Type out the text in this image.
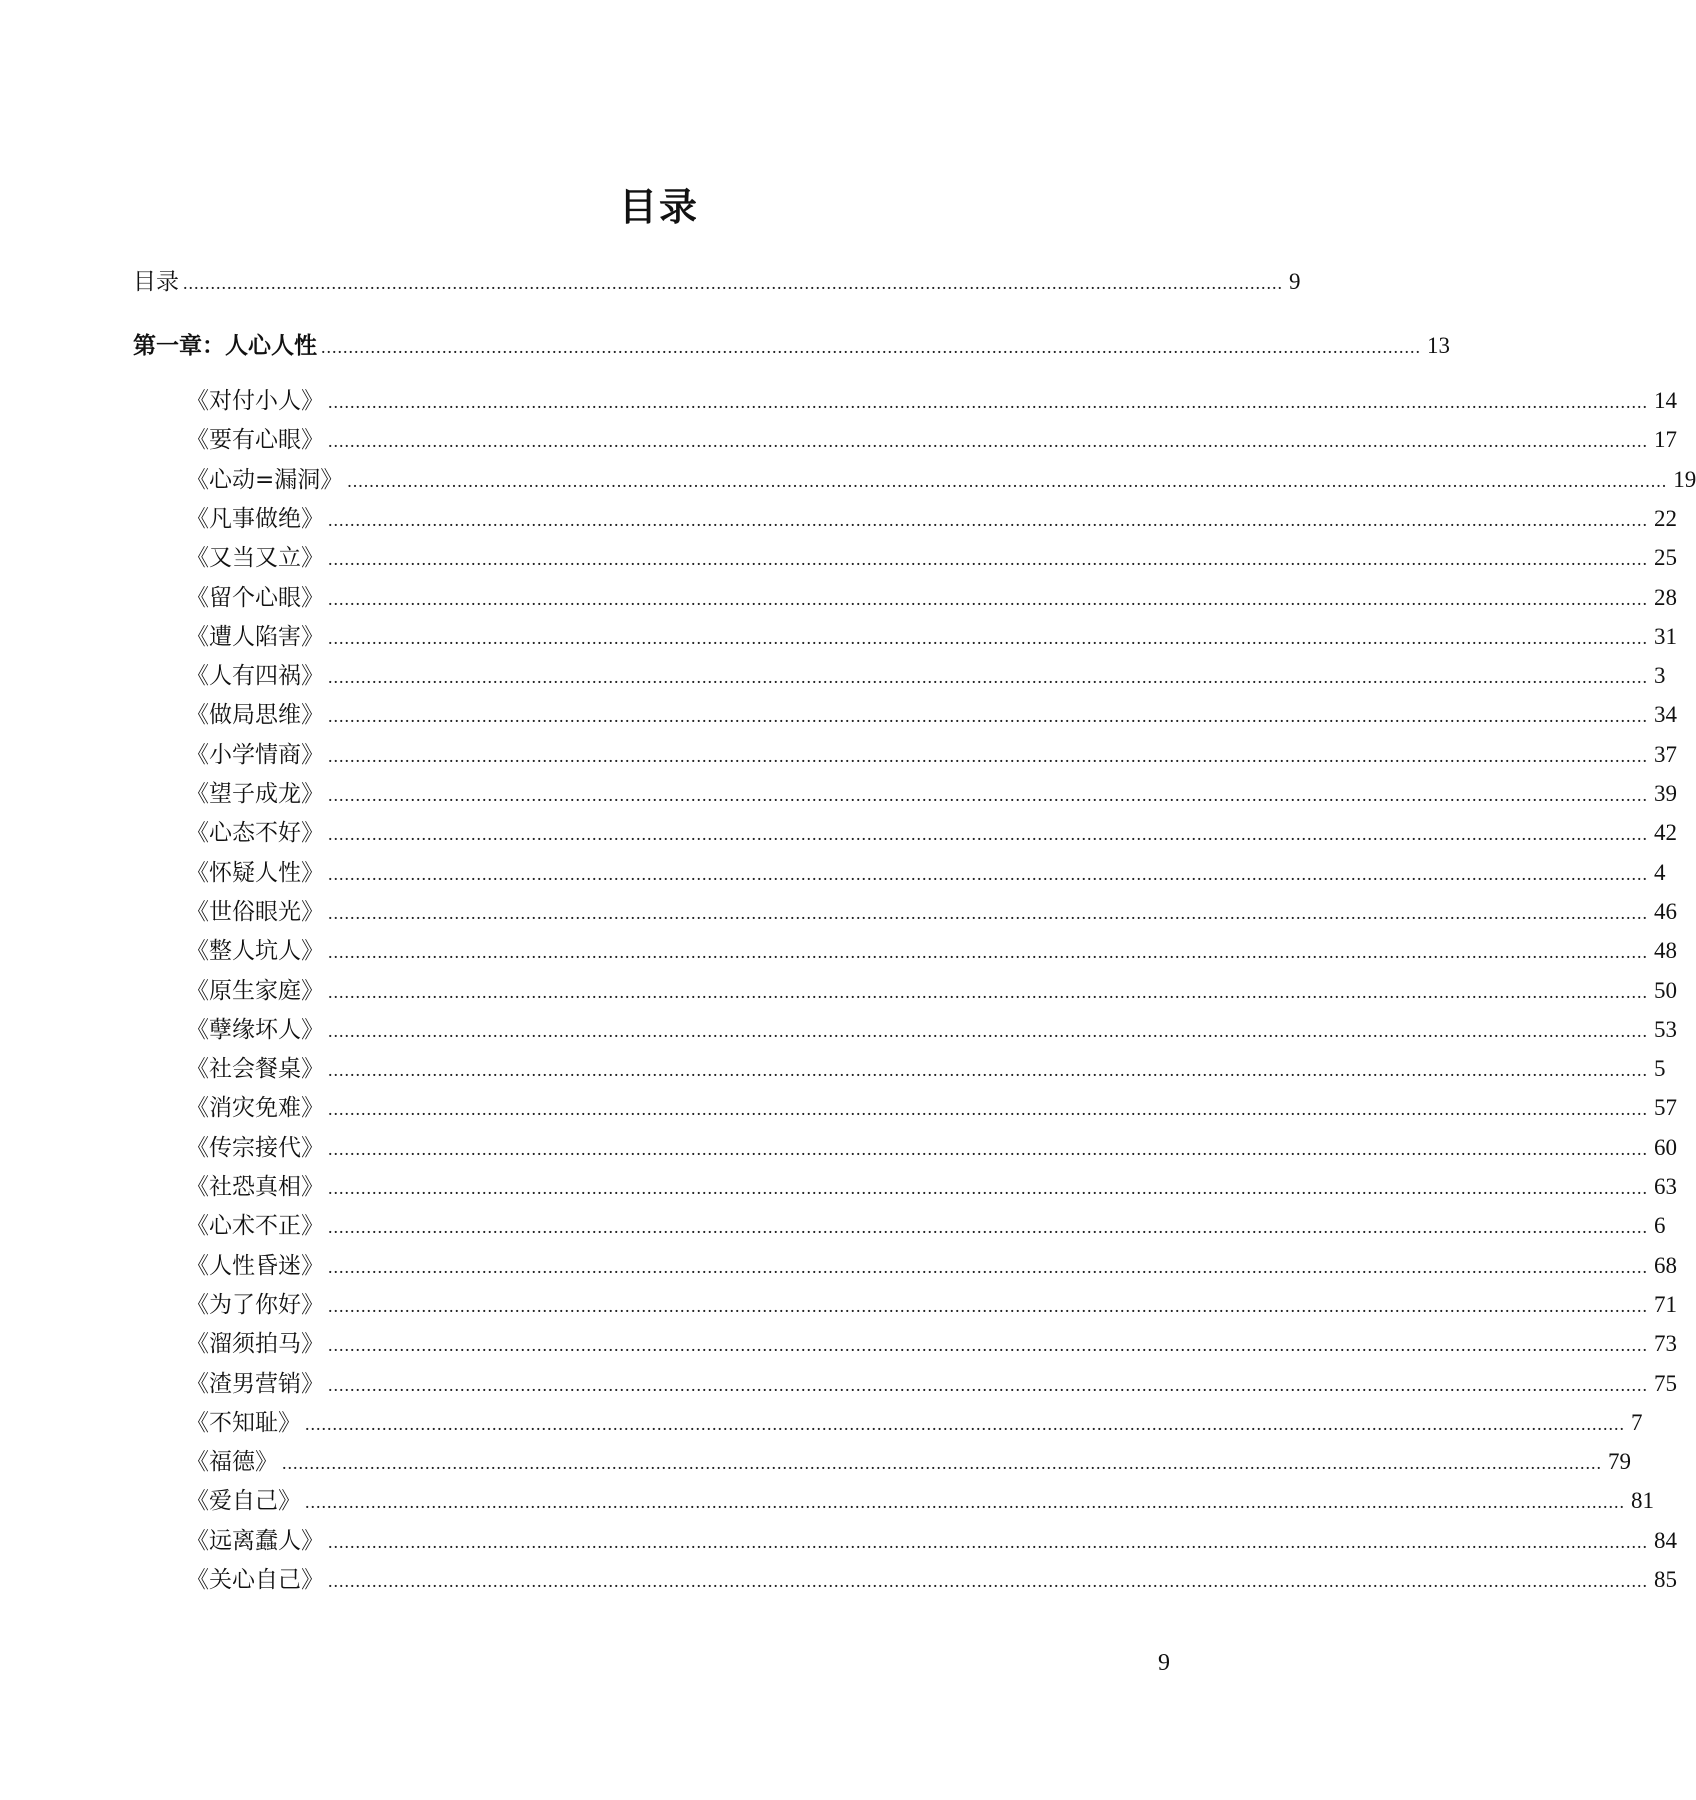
目录
目录 ........................................................................................................................................................................................................ 9
第一章：人心人性 ........................................................................................................................................................................................................ 13
《对付小人》 ................................................................................................................................................................................................................................................ 14
《要有心眼》 ................................................................................................................................................................................................................................................ 17
《心动=漏洞》 ................................................................................................................................................................................................................................................ 19
《凡事做绝》 ................................................................................................................................................................................................................................................ 22
《又当又立》 ................................................................................................................................................................................................................................................ 25
《留个心眼》 ................................................................................................................................................................................................................................................ 28
《遭人陷害》 ................................................................................................................................................................................................................................................ 31
《人有四祸》 ................................................................................................................................................................................................................................................ 3
《做局思维》 ................................................................................................................................................................................................................................................ 34
《小学情商》 ................................................................................................................................................................................................................................................ 37
《望子成龙》 ................................................................................................................................................................................................................................................ 39
《心态不好》 ................................................................................................................................................................................................................................................ 42
《怀疑人性》 ................................................................................................................................................................................................................................................ 4
《世俗眼光》 ................................................................................................................................................................................................................................................ 46
《整人坑人》 ................................................................................................................................................................................................................................................ 48
《原生家庭》 ................................................................................................................................................................................................................................................ 50
《孽缘坏人》 ................................................................................................................................................................................................................................................ 53
《社会餐桌》 ................................................................................................................................................................................................................................................ 5
《消灾免难》 ................................................................................................................................................................................................................................................ 57
《传宗接代》 ................................................................................................................................................................................................................................................ 60
《社恐真相》 ................................................................................................................................................................................................................................................ 63
《心术不正》 ................................................................................................................................................................................................................................................ 6
《人性昏迷》 ................................................................................................................................................................................................................................................ 68
《为了你好》 ................................................................................................................................................................................................................................................ 71
《溜须拍马》 ................................................................................................................................................................................................................................................ 73
《渣男营销》 ................................................................................................................................................................................................................................................ 75
《不知耻》 ................................................................................................................................................................................................................................................ 7
《福德》 ................................................................................................................................................................................................................................................ 79
《爱自己》 ................................................................................................................................................................................................................................................ 81
《远离蠢人》 ................................................................................................................................................................................................................................................ 84
《关心自己》 ................................................................................................................................................................................................................................................ 85
9
